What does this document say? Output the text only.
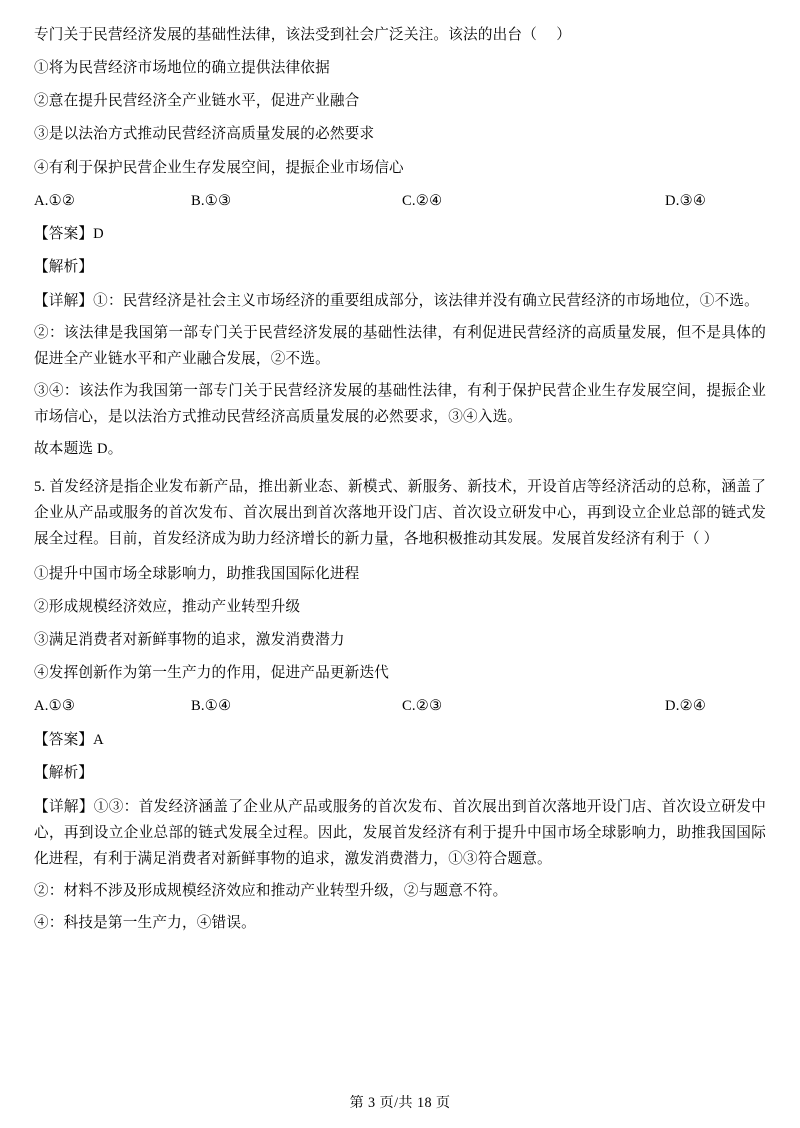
专门关于民营经济发展的基础性法律，该法受到社会广泛关注。该法的出台（     ）

①将为民营经济市场地位的确立提供法律依据

②意在提升民营经济全产业链水平，促进产业融合

③是以法治方式推动民营经济高质量发展的必然要求

④有利于保护民营企业生存发展空间，提振企业市场信心

A.①②	B.①③	C.②④	D.③④

【答案】D

【解析】

【详解】①：民营经济是社会主义市场经济的重要组成部分，该法律并没有确立民营经济的市场地位，①不选。

②：该法律是我国第一部专门关于民营经济发展的基础性法律，有利促进民营经济的高质量发展，但不是具体的促进全产业链水平和产业融合发展，②不选。

③④：该法作为我国第一部专门关于民营经济发展的基础性法律，有利于保护民营企业生存发展空间，提振企业市场信心，是以法治方式推动民营经济高质量发展的必然要求，③④入选。

故本题选 D。

5. 首发经济是指企业发布新产品，推出新业态、新模式、新服务、新技术，开设首店等经济活动的总称，涵盖了企业从产品或服务的首次发布、首次展出到首次落地开设门店、首次设立研发中心，再到设立企业总部的链式发展全过程。目前，首发经济成为助力经济增长的新力量，各地积极推动其发展。发展首发经济有利于（ ）

①提升中国市场全球影响力，助推我国国际化进程

②形成规模经济效应，推动产业转型升级

③满足消费者对新鲜事物的追求，激发消费潜力

④发挥创新作为第一生产力的作用，促进产品更新迭代

A.①③	B.①④	C.②③	D.②④

【答案】A

【解析】

【详解】①③：首发经济涵盖了企业从产品或服务的首次发布、首次展出到首次落地开设门店、首次设立研发中心，再到设立企业总部的链式发展全过程。因此，发展首发经济有利于提升中国市场全球影响力，助推我国国际化进程，有利于满足消费者对新鲜事物的追求，激发消费潜力，①③符合题意。

②：材料不涉及形成规模经济效应和推动产业转型升级，②与题意不符。

④：科技是第一生产力，④错误。

第 3 页/共 18 页
